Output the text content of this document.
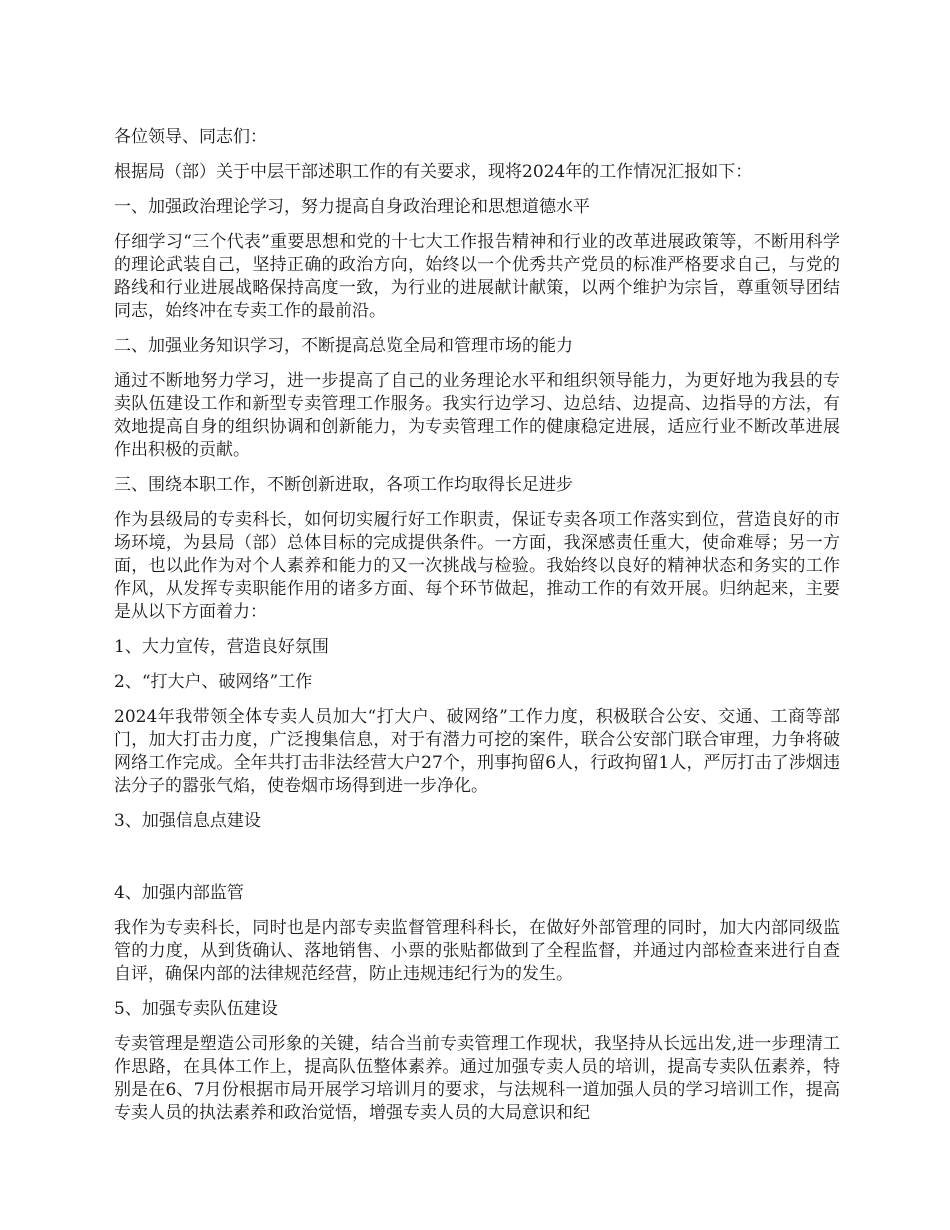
各位领导、同志们：

根据局（部）关于中层干部述职工作的有关要求，现将2024年的工作情况汇报如下：

一、加强政治理论学习，努力提高自身政治理论和思想道德水平

仔细学习“三个代表”重要思想和党的十七大工作报告精神和行业的改革进展政策等，不断用科学的理论武装自己，坚持正确的政治方向，始终以一个优秀共产党员的标准严格要求自己，与党的路线和行业进展战略保持高度一致，为行业的进展献计献策，以两个维护为宗旨，尊重领导团结同志，始终冲在专卖工作的最前沿。

二、加强业务知识学习，不断提高总览全局和管理市场的能力

通过不断地努力学习，进一步提高了自己的业务理论水平和组织领导能力，为更好地为我县的专卖队伍建设工作和新型专卖管理工作服务。我实行边学习、边总结、边提高、边指导的方法，有效地提高自身的组织协调和创新能力，为专卖管理工作的健康稳定进展，适应行业不断改革进展作出积极的贡献。

三、围绕本职工作，不断创新进取，各项工作均取得长足进步

作为县级局的专卖科长，如何切实履行好工作职责，保证专卖各项工作落实到位，营造良好的市场环境，为县局（部）总体目标的完成提供条件。一方面，我深感责任重大，使命难辱；另一方面，也以此作为对个人素养和能力的又一次挑战与检验。我始终以良好的精神状态和务实的工作作风，从发挥专卖职能作用的诸多方面、每个环节做起，推动工作的有效开展。归纳起来，主要是从以下方面着力：

1、大力宣传，营造良好氛围

2、“打大户、破网络”工作

2024年我带领全体专卖人员加大“打大户、破网络”工作力度，积极联合公安、交通、工商等部门，加大打击力度，广泛搜集信息，对于有潜力可挖的案件，联合公安部门联合审理，力争将破网络工作完成。全年共打击非法经营大户27个，刑事拘留6人，行政拘留1人，严厉打击了涉烟违法分子的嚣张气焰，使卷烟市场得到进一步净化。

3、加强信息点建设

4、加强内部监管

我作为专卖科长，同时也是内部专卖监督管理科科长，在做好外部管理的同时，加大内部同级监管的力度，从到货确认、落地销售、小票的张贴都做到了全程监督，并通过内部检查来进行自查自评，确保内部的法律规范经营，防止违规违纪行为的发生。

5、加强专卖队伍建设

专卖管理是塑造公司形象的关键，结合当前专卖管理工作现状，我坚持从长远出发,进一步理清工作思路，在具体工作上，提高队伍整体素养。通过加强专卖人员的培训，提高专卖队伍素养，特别是在6、7月份根据市局开展学习培训月的要求，与法规科一道加强人员的学习培训工作，提高专卖人员的执法素养和政治觉悟，增强专卖人员的大局意识和纪
